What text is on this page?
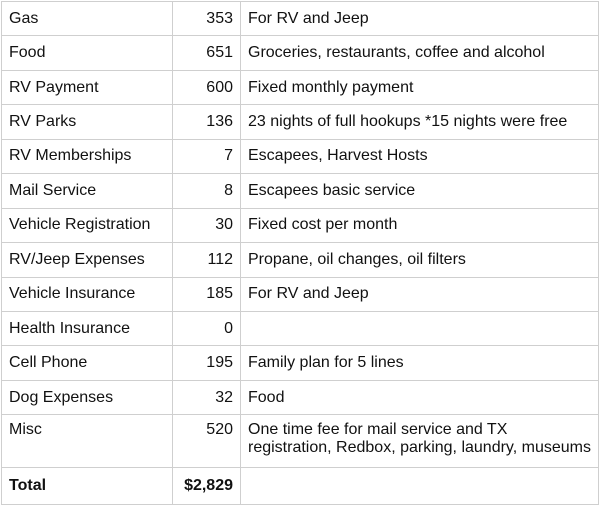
Gas	353	For RV and Jeep
Food	651	Groceries, restaurants, coffee and alcohol
RV Payment	600	Fixed monthly payment
RV Parks	136	23 nights of full hookups *15 nights were free
RV Memberships	7	Escapees, Harvest Hosts
Mail Service	8	Escapees basic service
Vehicle Registration	30	Fixed cost per month
RV/Jeep Expenses	112	Propane, oil changes, oil filters
Vehicle Insurance	185	For RV and Jeep
Health Insurance	0	
Cell Phone	195	Family plan for 5 lines
Dog Expenses	32	Food
Misc	520	One time fee for mail service and TX registration, Redbox, parking, laundry, museums
Total	$2,829	
